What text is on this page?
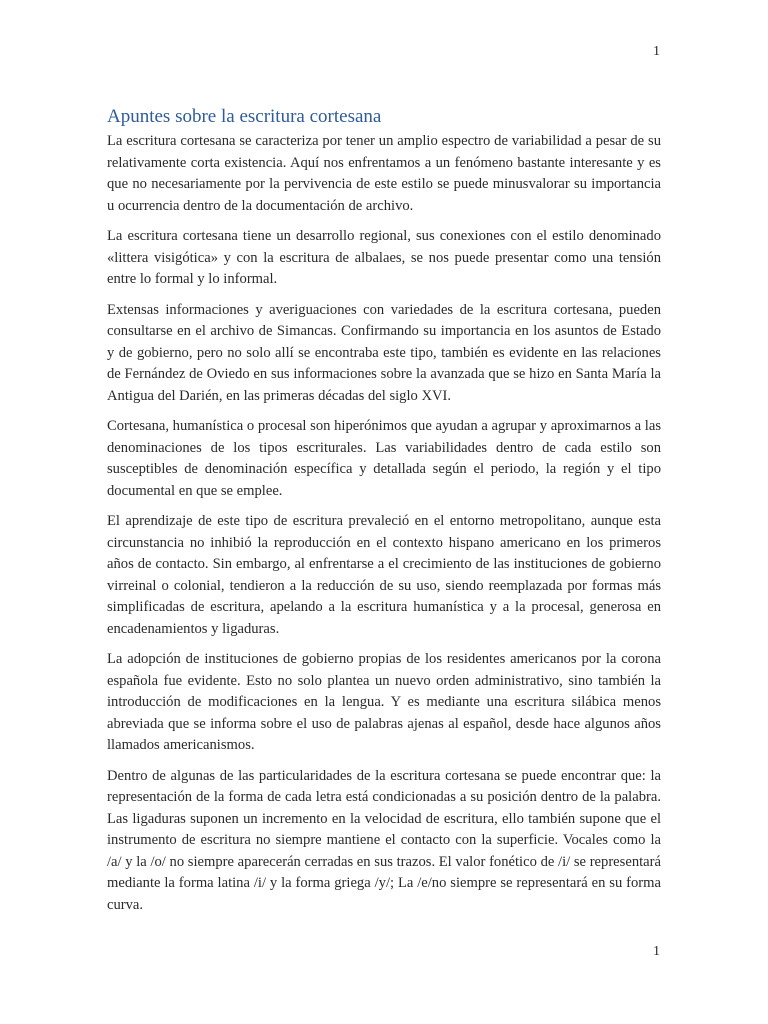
1
Apuntes sobre la escritura cortesana

La escritura cortesana se caracteriza por tener un amplio espectro de variabilidad a pesar de su relativamente corta existencia. Aquí nos enfrentamos a un fenómeno bastante interesante y es que no necesariamente por la pervivencia de este estilo se puede minusvalorar su importancia u ocurrencia dentro de la documentación de archivo.

La escritura cortesana tiene un desarrollo regional, sus conexiones con el estilo denominado «littera visigótica» y con la escritura de albalaes, se nos puede presentar como una tensión entre lo formal y lo informal.

Extensas informaciones y averiguaciones con variedades de la escritura cortesana, pueden consultarse en el archivo de Simancas. Confirmando su importancia en los asuntos de Estado y de gobierno, pero no solo allí se encontraba este tipo, también es evidente en las relaciones de Fernández de Oviedo en sus informaciones sobre la avanzada que se hizo en Santa María la Antigua del Darién, en las primeras décadas del siglo XVI.

Cortesana, humanística o procesal son hiperónimos que ayudan a agrupar y aproximarnos a las denominaciones de los tipos escriturales. Las variabilidades dentro de cada estilo son susceptibles de denominación específica y detallada según el periodo, la región y el tipo documental en que se emplee.

El aprendizaje de este tipo de escritura prevaleció en el entorno metropolitano, aunque esta circunstancia no inhibió la reproducción en el contexto hispano americano en los primeros años de contacto. Sin embargo, al enfrentarse a el crecimiento de las instituciones de gobierno virreinal o colonial, tendieron a la reducción de su uso, siendo reemplazada por formas más simplificadas de escritura, apelando a la escritura humanística y a la procesal, generosa en encadenamientos y ligaduras.

La adopción de instituciones de gobierno propias de los residentes americanos por la corona española fue evidente. Esto no solo plantea un nuevo orden administrativo, sino también la introducción de modificaciones en la lengua. Y es mediante una escritura silábica menos abreviada que se informa sobre el uso de palabras ajenas al español, desde hace algunos años llamados americanismos.

Dentro de algunas de las particularidades de la escritura cortesana se puede encontrar que: la representación de la forma de cada letra está condicionadas a su posición dentro de la palabra. Las ligaduras suponen un incremento en la velocidad de escritura, ello también supone que el instrumento de escritura no siempre mantiene el contacto con la superficie. Vocales como la /a/ y la /o/ no siempre aparecerán cerradas en sus trazos. El valor fonético de /i/ se representará mediante la forma latina /i/ y la forma griega /y/; La /e/no siempre se representará en su forma curva.

1
